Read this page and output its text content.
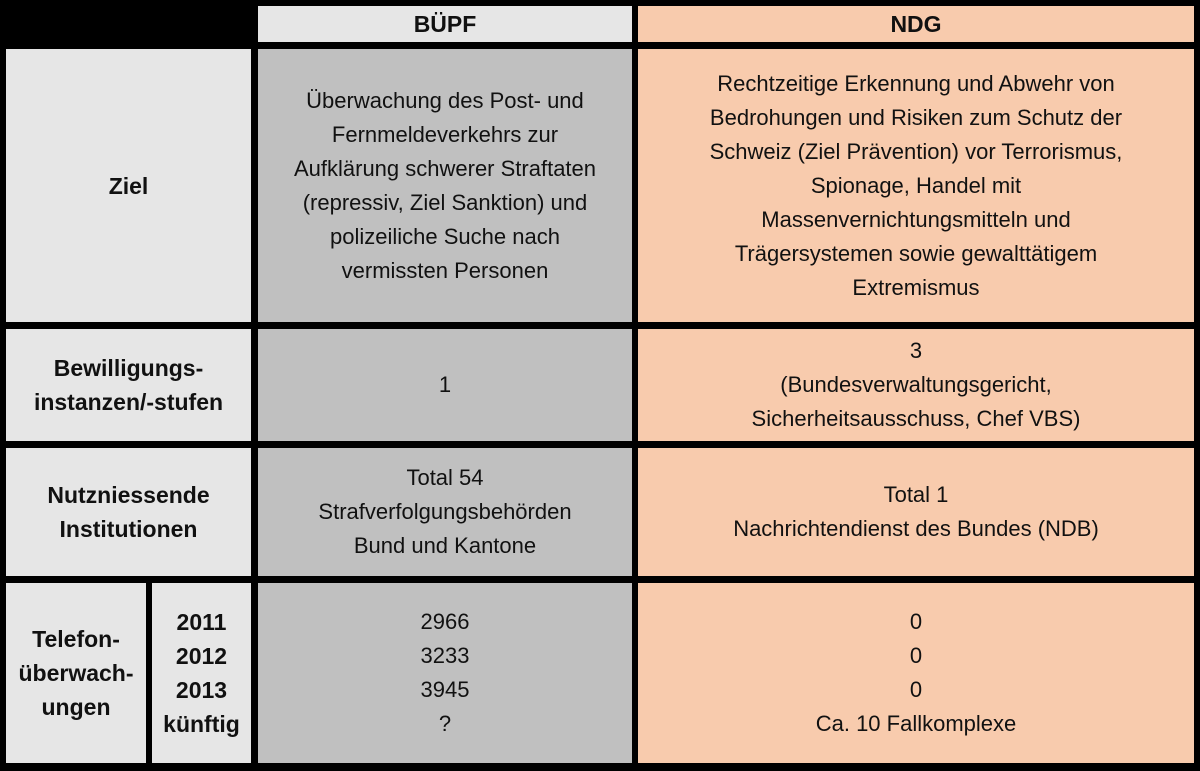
BÜPF	NDG
Ziel
Überwachung des Post- und
Fernmeldeverkehrs zur
Aufklärung schwerer Straftaten
(repressiv, Ziel Sanktion) und
polizeiliche Suche nach
vermissten Personen
Rechtzeitige Erkennung und Abwehr von
Bedrohungen und Risiken zum Schutz der
Schweiz (Ziel Prävention) vor Terrorismus,
Spionage, Handel mit
Massenvernichtungsmitteln und
Trägersystemen sowie gewalttätigem
Extremismus
Bewilligungs-
instanzen/-stufen
1
3
(Bundesverwaltungsgericht,
Sicherheitsausschuss, Chef VBS)
Nutzniessende
Institutionen
Total 54
Strafverfolgungsbehörden
Bund und Kantone
Total 1
Nachrichtendienst des Bundes (NDB)
Telefon-
überwach-
ungen
2011
2012
2013
künftig
2966
3233
3945
?
0
0
0
Ca. 10 Fallkomplexe
